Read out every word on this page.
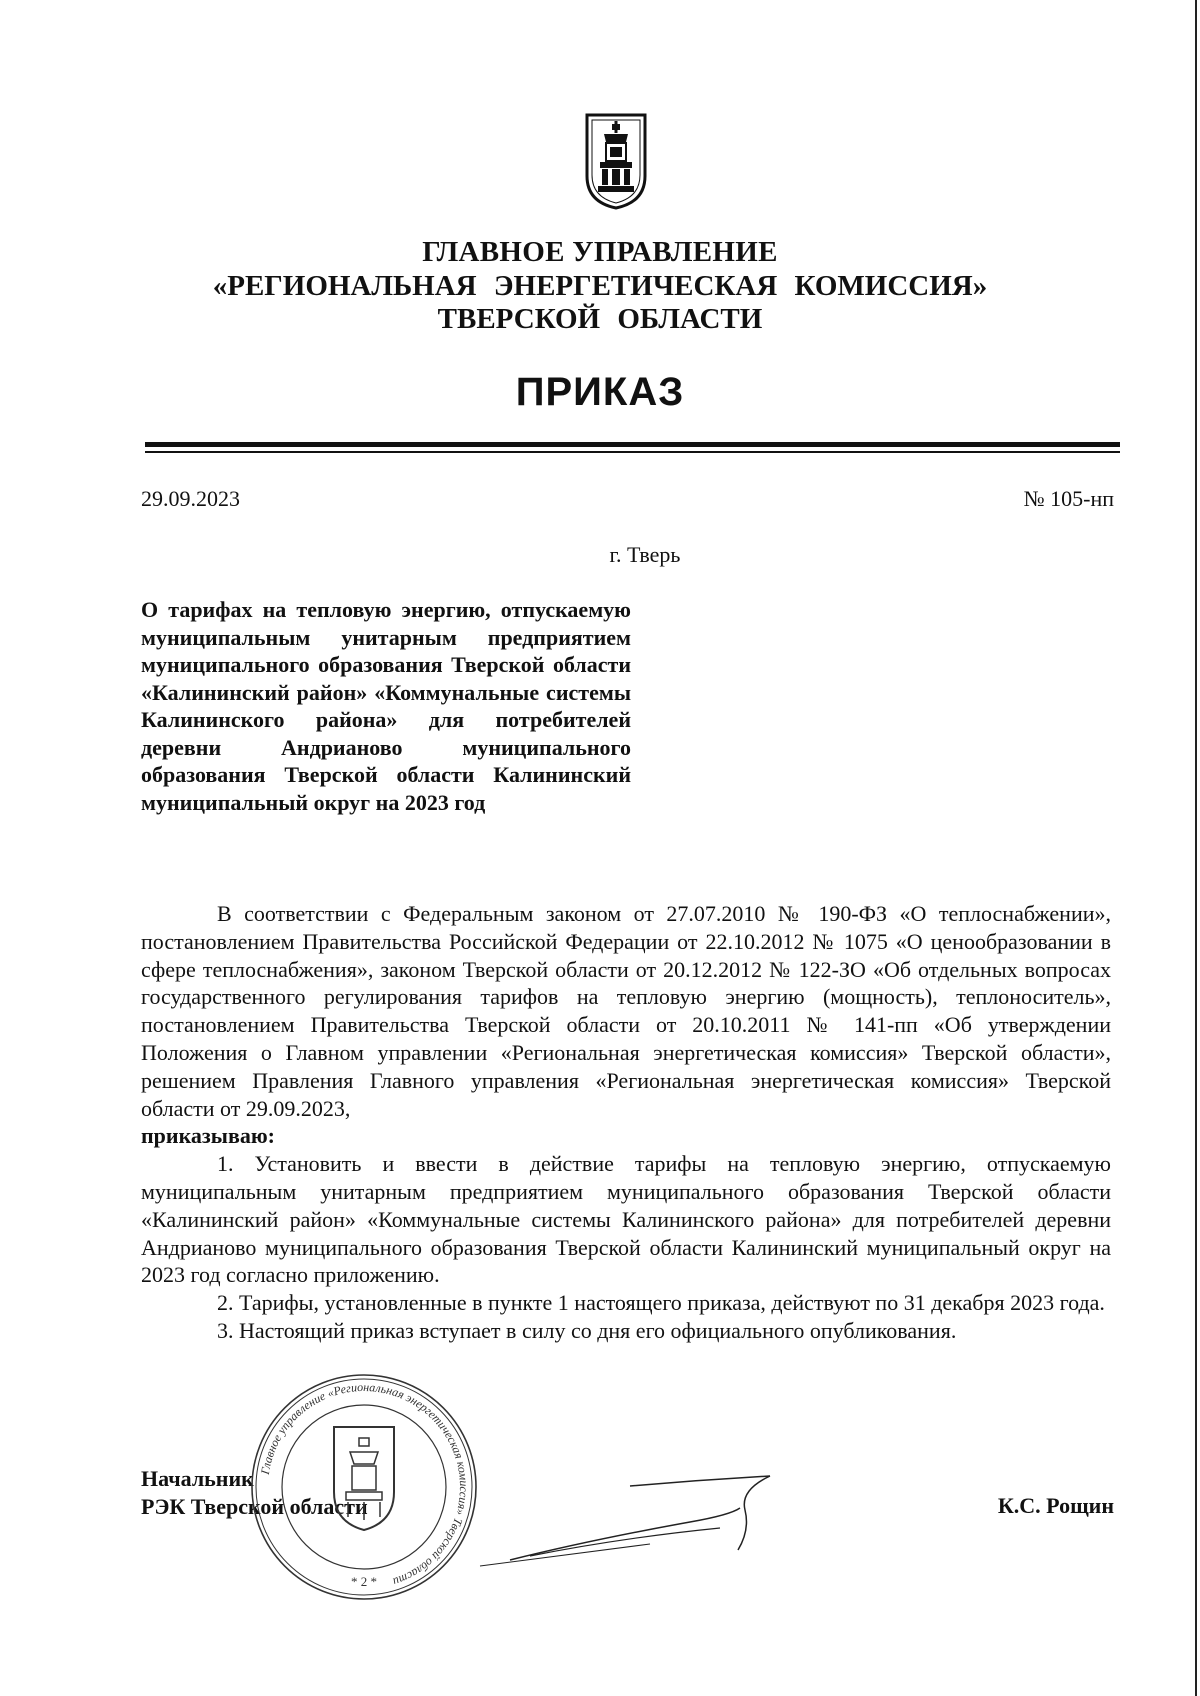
ГЛАВНОЕ УПРАВЛЕНИЕ
«РЕГИОНАЛЬНАЯ ЭНЕРГЕТИЧЕСКАЯ КОМИССИЯ»
ТВЕРСКОЙ ОБЛАСТИ
ПРИКАЗ
29.09.2023	№ 105-нп
г. Тверь
О тарифах на тепловую энергию, отпускаемую муниципальным унитарным предприятием муниципального образования Тверской области «Калининский район» «Коммунальные системы Калининского района» для потребителей деревни Андрианово муниципального образования Тверской области Калининский муниципальный округ на 2023 год

В соответствии с Федеральным законом от 27.07.2010 № 190-ФЗ «О теплоснабжении», постановлением Правительства Российской Федерации от 22.10.2012 № 1075 «О ценообразовании в сфере теплоснабжения», законом Тверской области от 20.12.2012 № 122-ЗО «Об отдельных вопросах государственного регулирования тарифов на тепловую энергию (мощность), теплоноситель», постановлением Правительства Тверской области от 20.10.2011 № 141-пп «Об утверждении Положения о Главном управлении «Региональная энергетическая комиссия» Тверской области», решением Правления Главного управления «Региональная энергетическая комиссия» Тверской области от 29.09.2023,

приказываю:

1. Установить и ввести в действие тарифы на тепловую энергию, отпускаемую муниципальным унитарным предприятием муниципального образования Тверской области «Калининский район» «Коммунальные системы Калининского района» для потребителей деревни Андрианово муниципального образования Тверской области Калининский муниципальный округ на 2023 год согласно приложению.

2. Тарифы, установленные в пункте 1 настоящего приказа, действуют по 31 декабря 2023 года.

3. Настоящий приказ вступает в силу со дня его официального опубликования.

Начальник
РЭК Тверской области	К.С. Рощин
Главное управление «Региональная энергетическая комиссия» Тверской области
* 2 *
